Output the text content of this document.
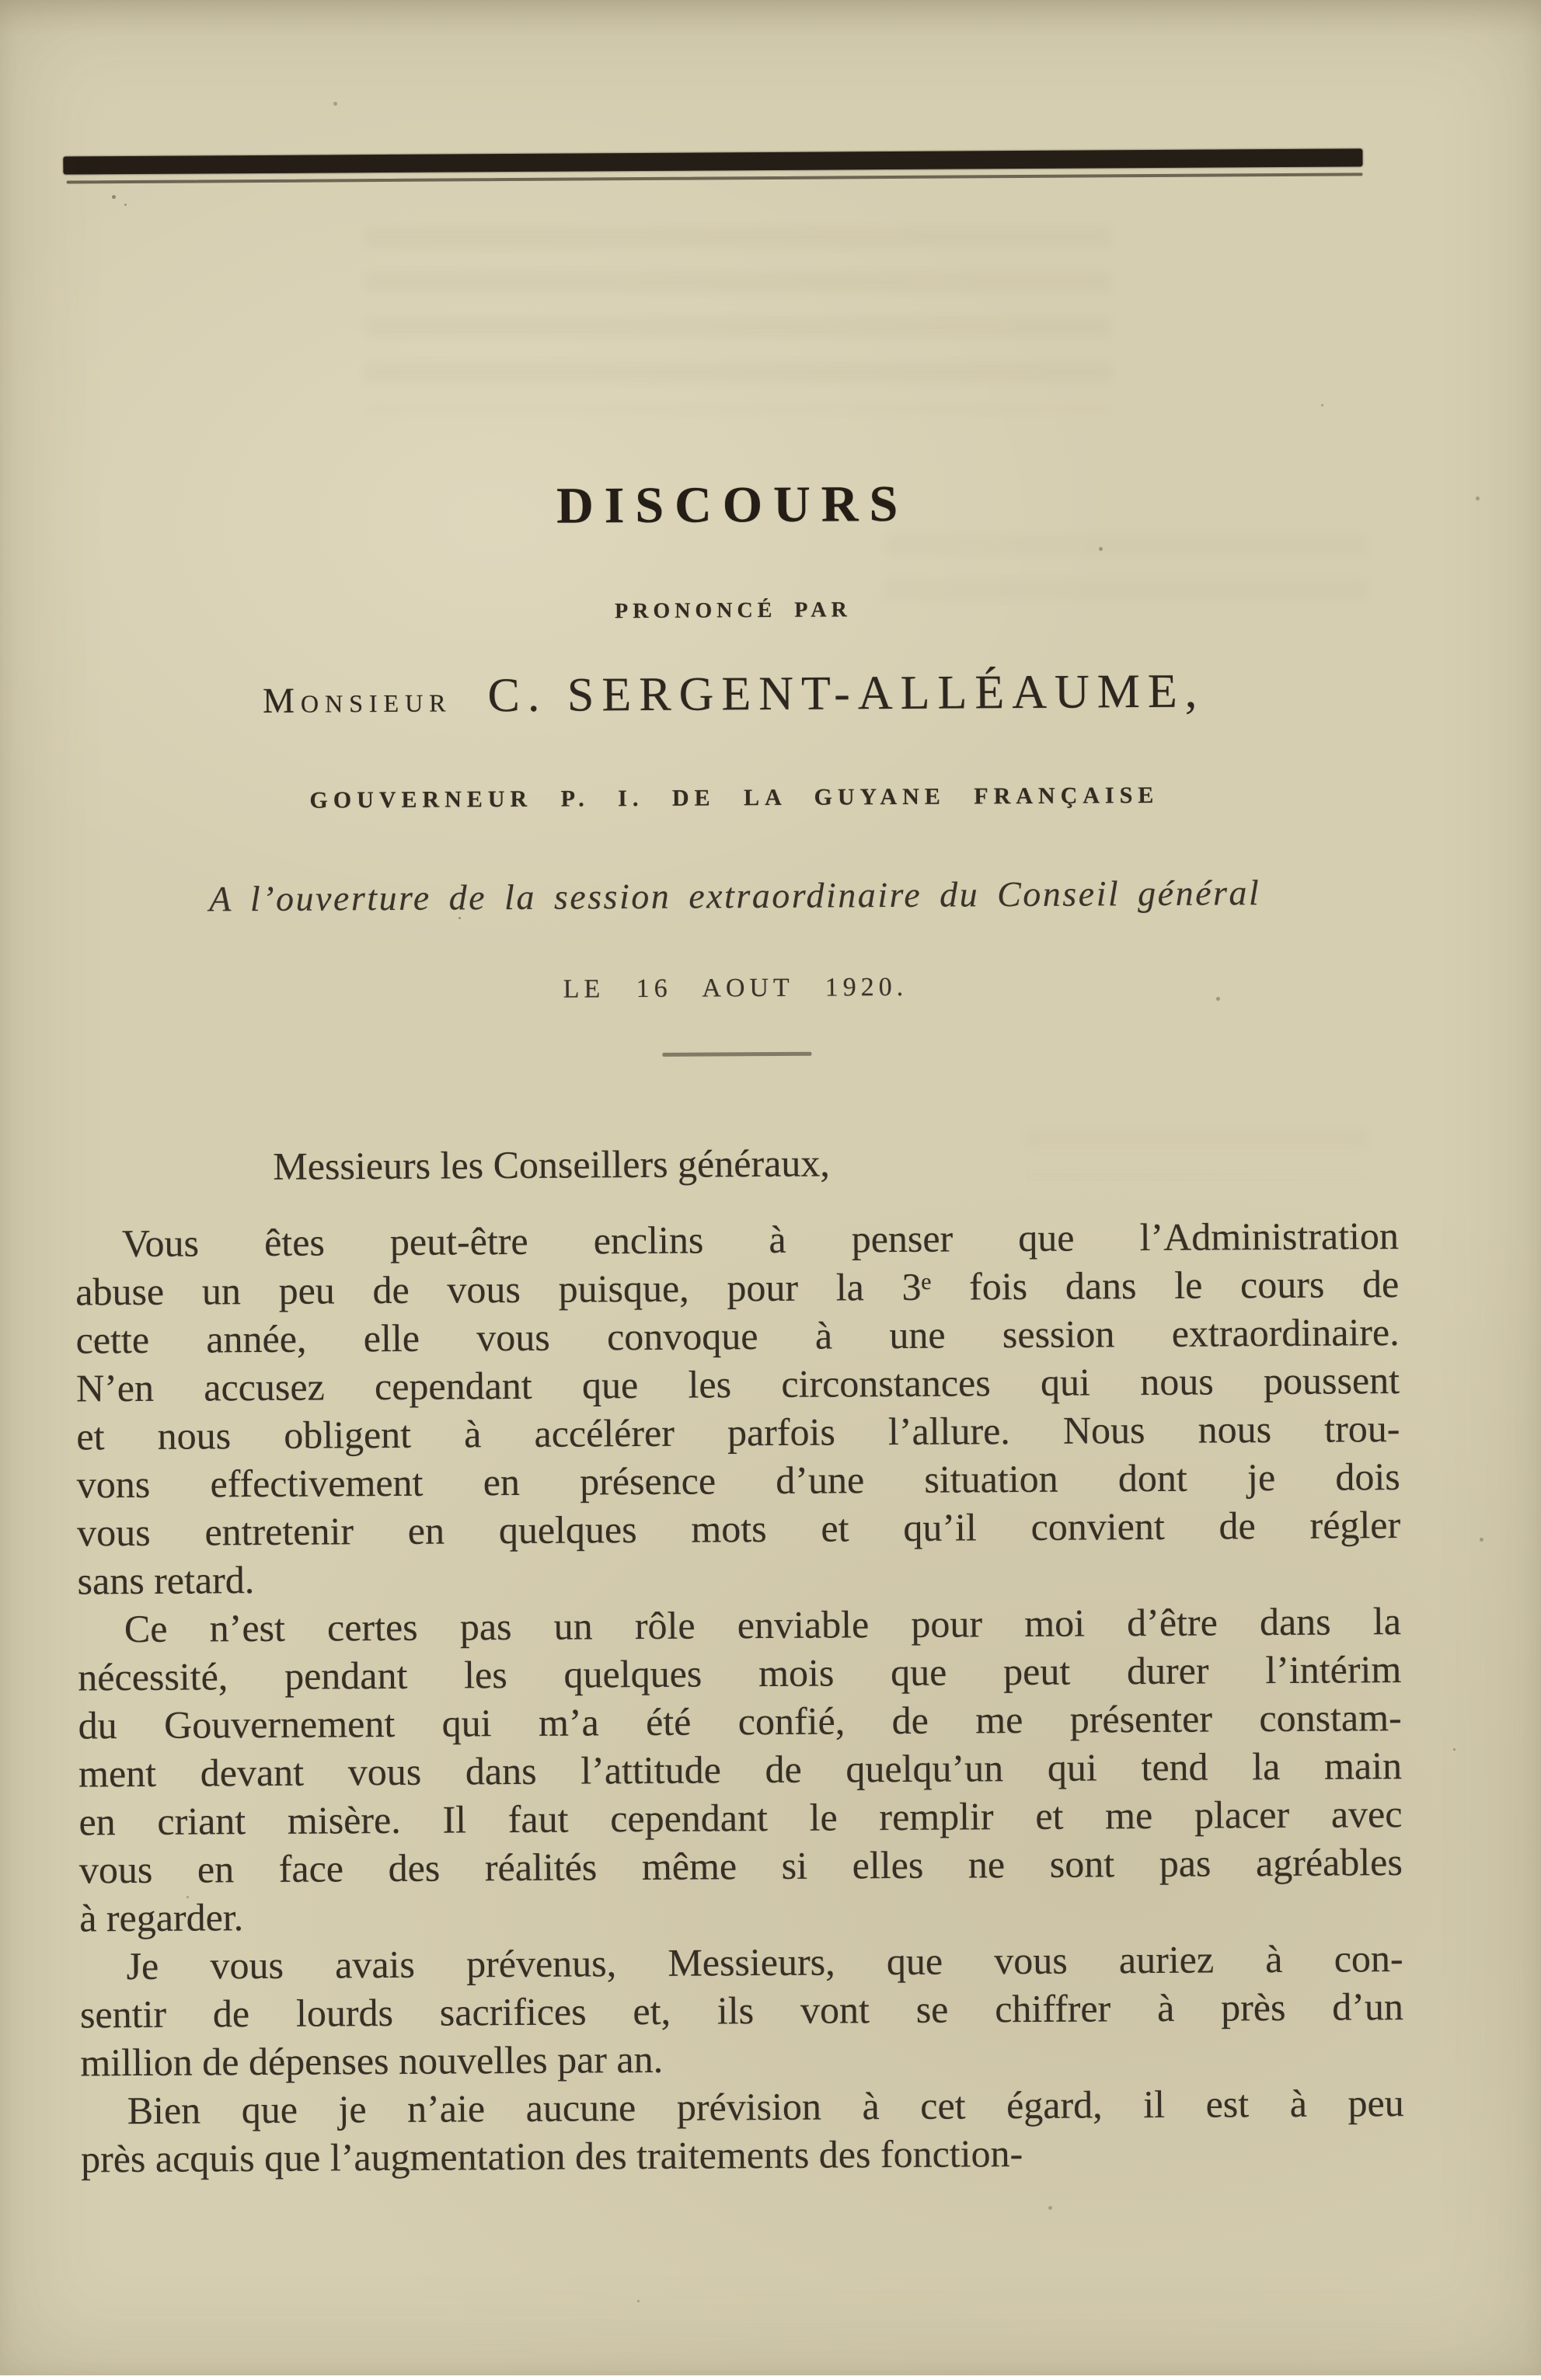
DISCOURS
PRONONCÉ PAR
Monsieur C. SERGENT-ALLÉAUME,
GOUVERNEUR P. I. DE LA GUYANE FRANÇAISE
A l’ouverture de la session extraordinaire du Conseil général
LE 16 AOUT 1920.
Messieurs les Conseillers généraux,
Vous êtes peut-être enclins à penser que l’Administration
abuse un peu de vous puisque, pour la 3ᵉ fois dans le cours de
cette année, elle vous convoque à une session extraordinaire.
N’en accusez cependant que les circonstances qui nous poussent
et nous obligent à accélérer parfois l’allure. Nous nous trou-
vons effectivement en présence d’une situation dont je dois
vous entretenir en quelques mots et qu’il convient de régler
sans retard.
Ce n’est certes pas un rôle enviable pour moi d’être dans la
nécessité, pendant les quelques mois que peut durer l’intérim
du Gouvernement qui m’a été confié, de me présenter constam-
ment devant vous dans l’attitude de quelqu’un qui tend la main
en criant misère. Il faut cependant le remplir et me placer avec
vous en face des réalités même si elles ne sont pas agréables
à regarder.
Je vous avais prévenus, Messieurs, que vous auriez à con-
sentir de lourds sacrifices et, ils vont se chiffrer à près d’un
million de dépenses nouvelles par an.
Bien que je n’aie aucune prévision à cet égard, il est à peu
près acquis que l’augmentation des traitements des fonction-
